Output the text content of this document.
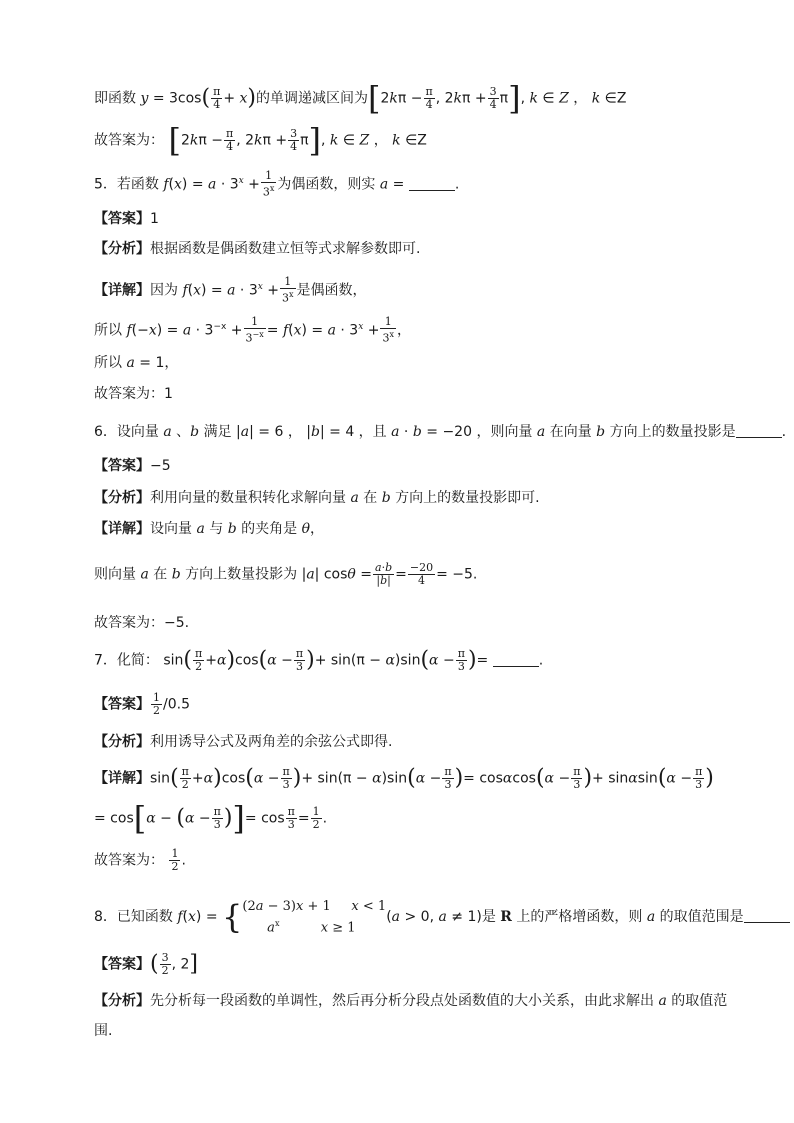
即函数 $y = 3\cos( \frac{\pi}{4} + x)$的单调递减区间为[$2k\pi - \frac{\pi}{4}$ , $2k\pi + \frac{3}{4} \pi$], k ∈ Z ， k ∈Z
故答案为： [$2k\pi - \frac{\pi}{4}$ , $2k\pi + \frac{3}{4} \pi$], k ∈ Z ， k ∈Z
5．若函数 $f(x) = a \cdot 3^x + \frac{1}{3^x}$ 为偶函数，则实 a =	.
【答案】1
【分析】根据函数是偶函数建立恒等式求解参数即可.
【详解】因为 $f(x) = a \cdot 3^x + \frac{1}{3^x}$ 是偶函数，
所以 $f(-x) = a \cdot 3^{-x} + \frac{1}{3^{-x}} = f(x) = a \cdot 3^x + \frac{1}{3^x}$ ，
所以 a = 1，
故答案为：1
6．设向量 a 、b 满足 |a| = 6 ， |b| = 4 ，且 a · b = −20 ，则向量 a 在向量 b 方向上的数量投影是	.
【答案】−5
【分析】利用向量的数量积转化求解向量 a 在 b 方向上的数量投影即可.
【详解】设向量 a 与 b 的夹角是 θ，
则向量 a 在 b 方向上数量投影为 |a| $\cos\theta = \frac{a\cdot b}{|b|} = \frac{-20}{4} = -5$.
故答案为：−5.
7．化简： $\sin( \frac{\pi}{2} +\alpha)\cos(\alpha - \frac{\pi}{3}$ )+ $\sin(\pi - \alpha)\sin(\alpha - \frac{\pi}{3}$ )=	.
【答案】 $\frac{1}{2} /0.5$
【分析】利用诱导公式及两角差的余弦公式即得.
【详解】$\sin( \frac{\pi}{2} +\alpha)\cos(\alpha - \frac{\pi}{3}$ )+ $\sin(\pi - \alpha)\sin(\alpha - \frac{\pi}{3}$ )= $\cos\alpha\cos(\alpha - \frac{\pi}{3}$ )+ $\sin\alpha\sin(\alpha - \frac{\pi}{3}$ )
= $\cos[\alpha - (\alpha - \frac{\pi}{3}$ )]= $\cos \frac{\pi}{3} = \frac{1}{2}$ .
故答案为： $\frac{1}{2}$ .
8．已知函数 f(x) = { (2a − 3)x + 1     x < 1
$a^x$	x ≥ 1
(a > 0, a ≠ 1)是 R 上的严格增函数，则 a 的取值范围是
【答案】( $\frac{3}{2}$ , 2]
【分析】先分析每一段函数的单调性，然后再分析分段点处函数值的大小关系，由此求解出 a 的取值范围.
